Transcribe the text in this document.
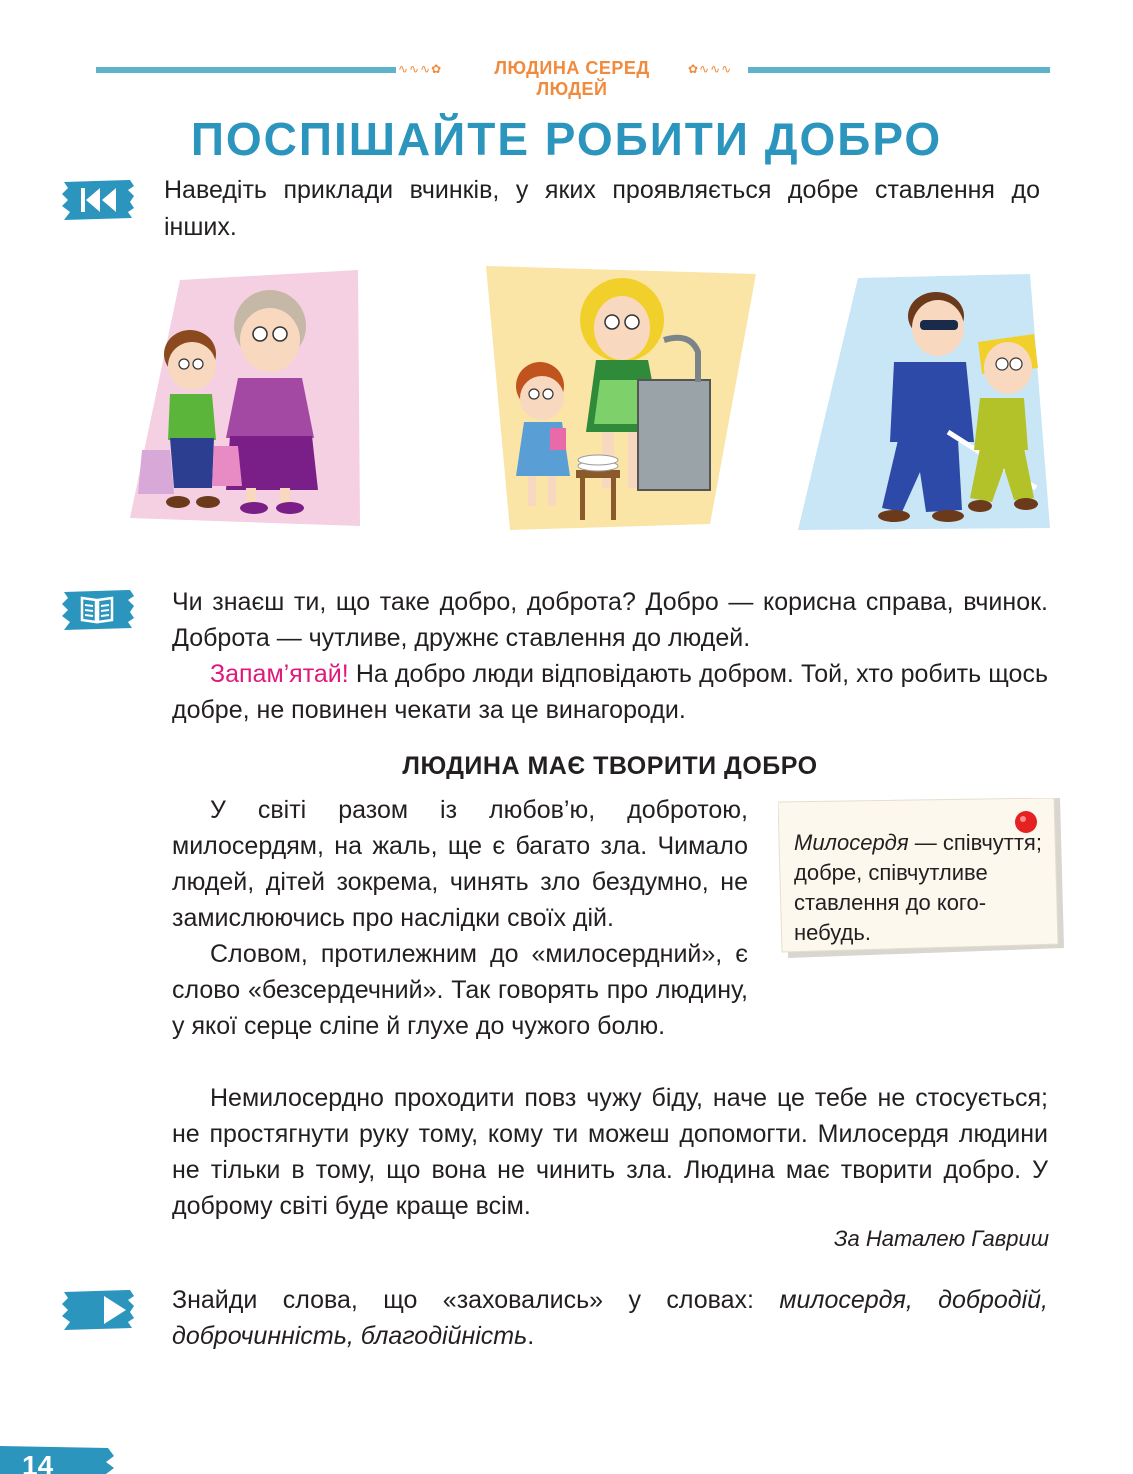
∿∿∿✿	ЛЮДИНА СЕРЕД ЛЮДЕЙ
✿∿∿∿
ПОСПІШАЙТЕ РОБИТИ ДОБРО
Наведіть приклади вчинків, у яких проявляється добре ставлення до інших.
Чи знаєш ти, що таке добро, доброта? Добро — корисна справа, вчинок. Доброта — чутливе, дружнє ставлення до людей.
Запам’ятай! На добро люди відповідають добром. Той, хто робить щось добре, не повинен чекати за це винагороди.
ЛЮДИНА МАЄ ТВОРИТИ ДОБРО
У світі разом із любов’ю, добротою, милосердям, на жаль, ще є багато зла. Чимало людей, дітей зокрема, чинять зло бездумно, не замислюючись про наслідки своїх дій.
Словом, протилежним до «милосердний», є слово «безсердечний». Так говорять про людину, у якої серце сліпе й глухе до чужого болю.
Немилосердно проходити повз чужу біду, наче це тебе не стосується; не простягнути руку тому, кому ти можеш допомогти. Милосердя людини не тільки в тому, що вона не чинить зла. Людина має творити добро. У доброму світі буде краще всім.
За Наталею Гавриш
Милосердя — співчуття; добре, співчутливе ставлення до кого-небудь.
Знайди слова, що «заховались» у словах: милосердя, добродій, доброчинність, благодійність.
14
